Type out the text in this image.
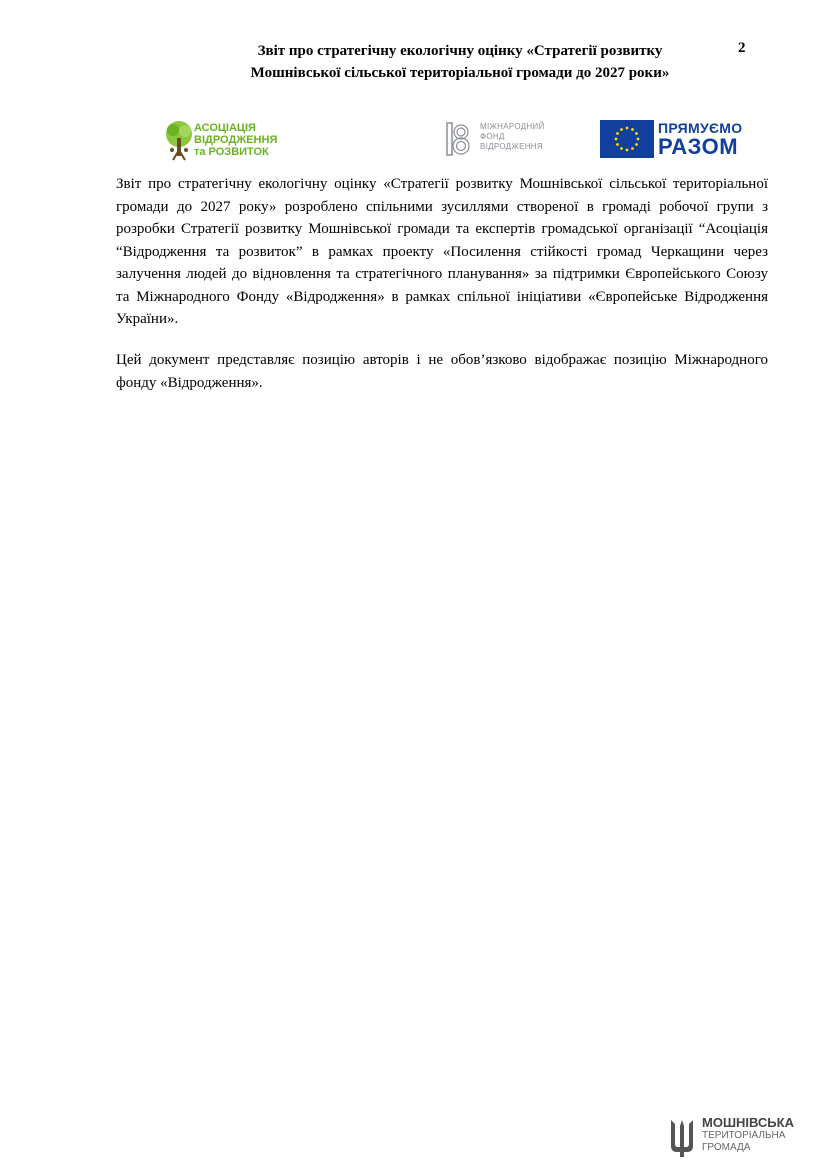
Звіт про стратегічну екологічну оцінку «Стратегії розвитку
Мошнівської сільської територіальної громади до 2027 роки»
2
АСОЦІАЦІЯ
ВІДРОДЖЕННЯ
та РОЗВИТОК
МІЖНАРОДНИЙ
ФОНД
ВІДРОДЖЕННЯ
ПРЯМУЄМО
РАЗОМ
Звіт про стратегічну екологічну оцінку «Стратегії розвитку Мошнівської сільської територіальної громади до 2027 року» розроблено спільними зусиллями створеної в громаді робочої групи з розробки Стратегії розвитку Мошнівської громади та експертів громадської організації “Асоціація “Відродження та розвиток” в рамках проекту «Посилення стійкості громад Черкащини через залучення людей до відновлення та стратегічного планування» за підтримки Європейського Союзу та Міжнародного Фонду «Відродження» в рамках спільної ініціативи «Європейське Відродження України».
Цей документ представляє позицію авторів і не обов’язково відображає позицію Міжнародного фонду «Відродження».
МОШНІВСЬКА
ТЕРИТОРІАЛЬНА
ГРОМАДА
